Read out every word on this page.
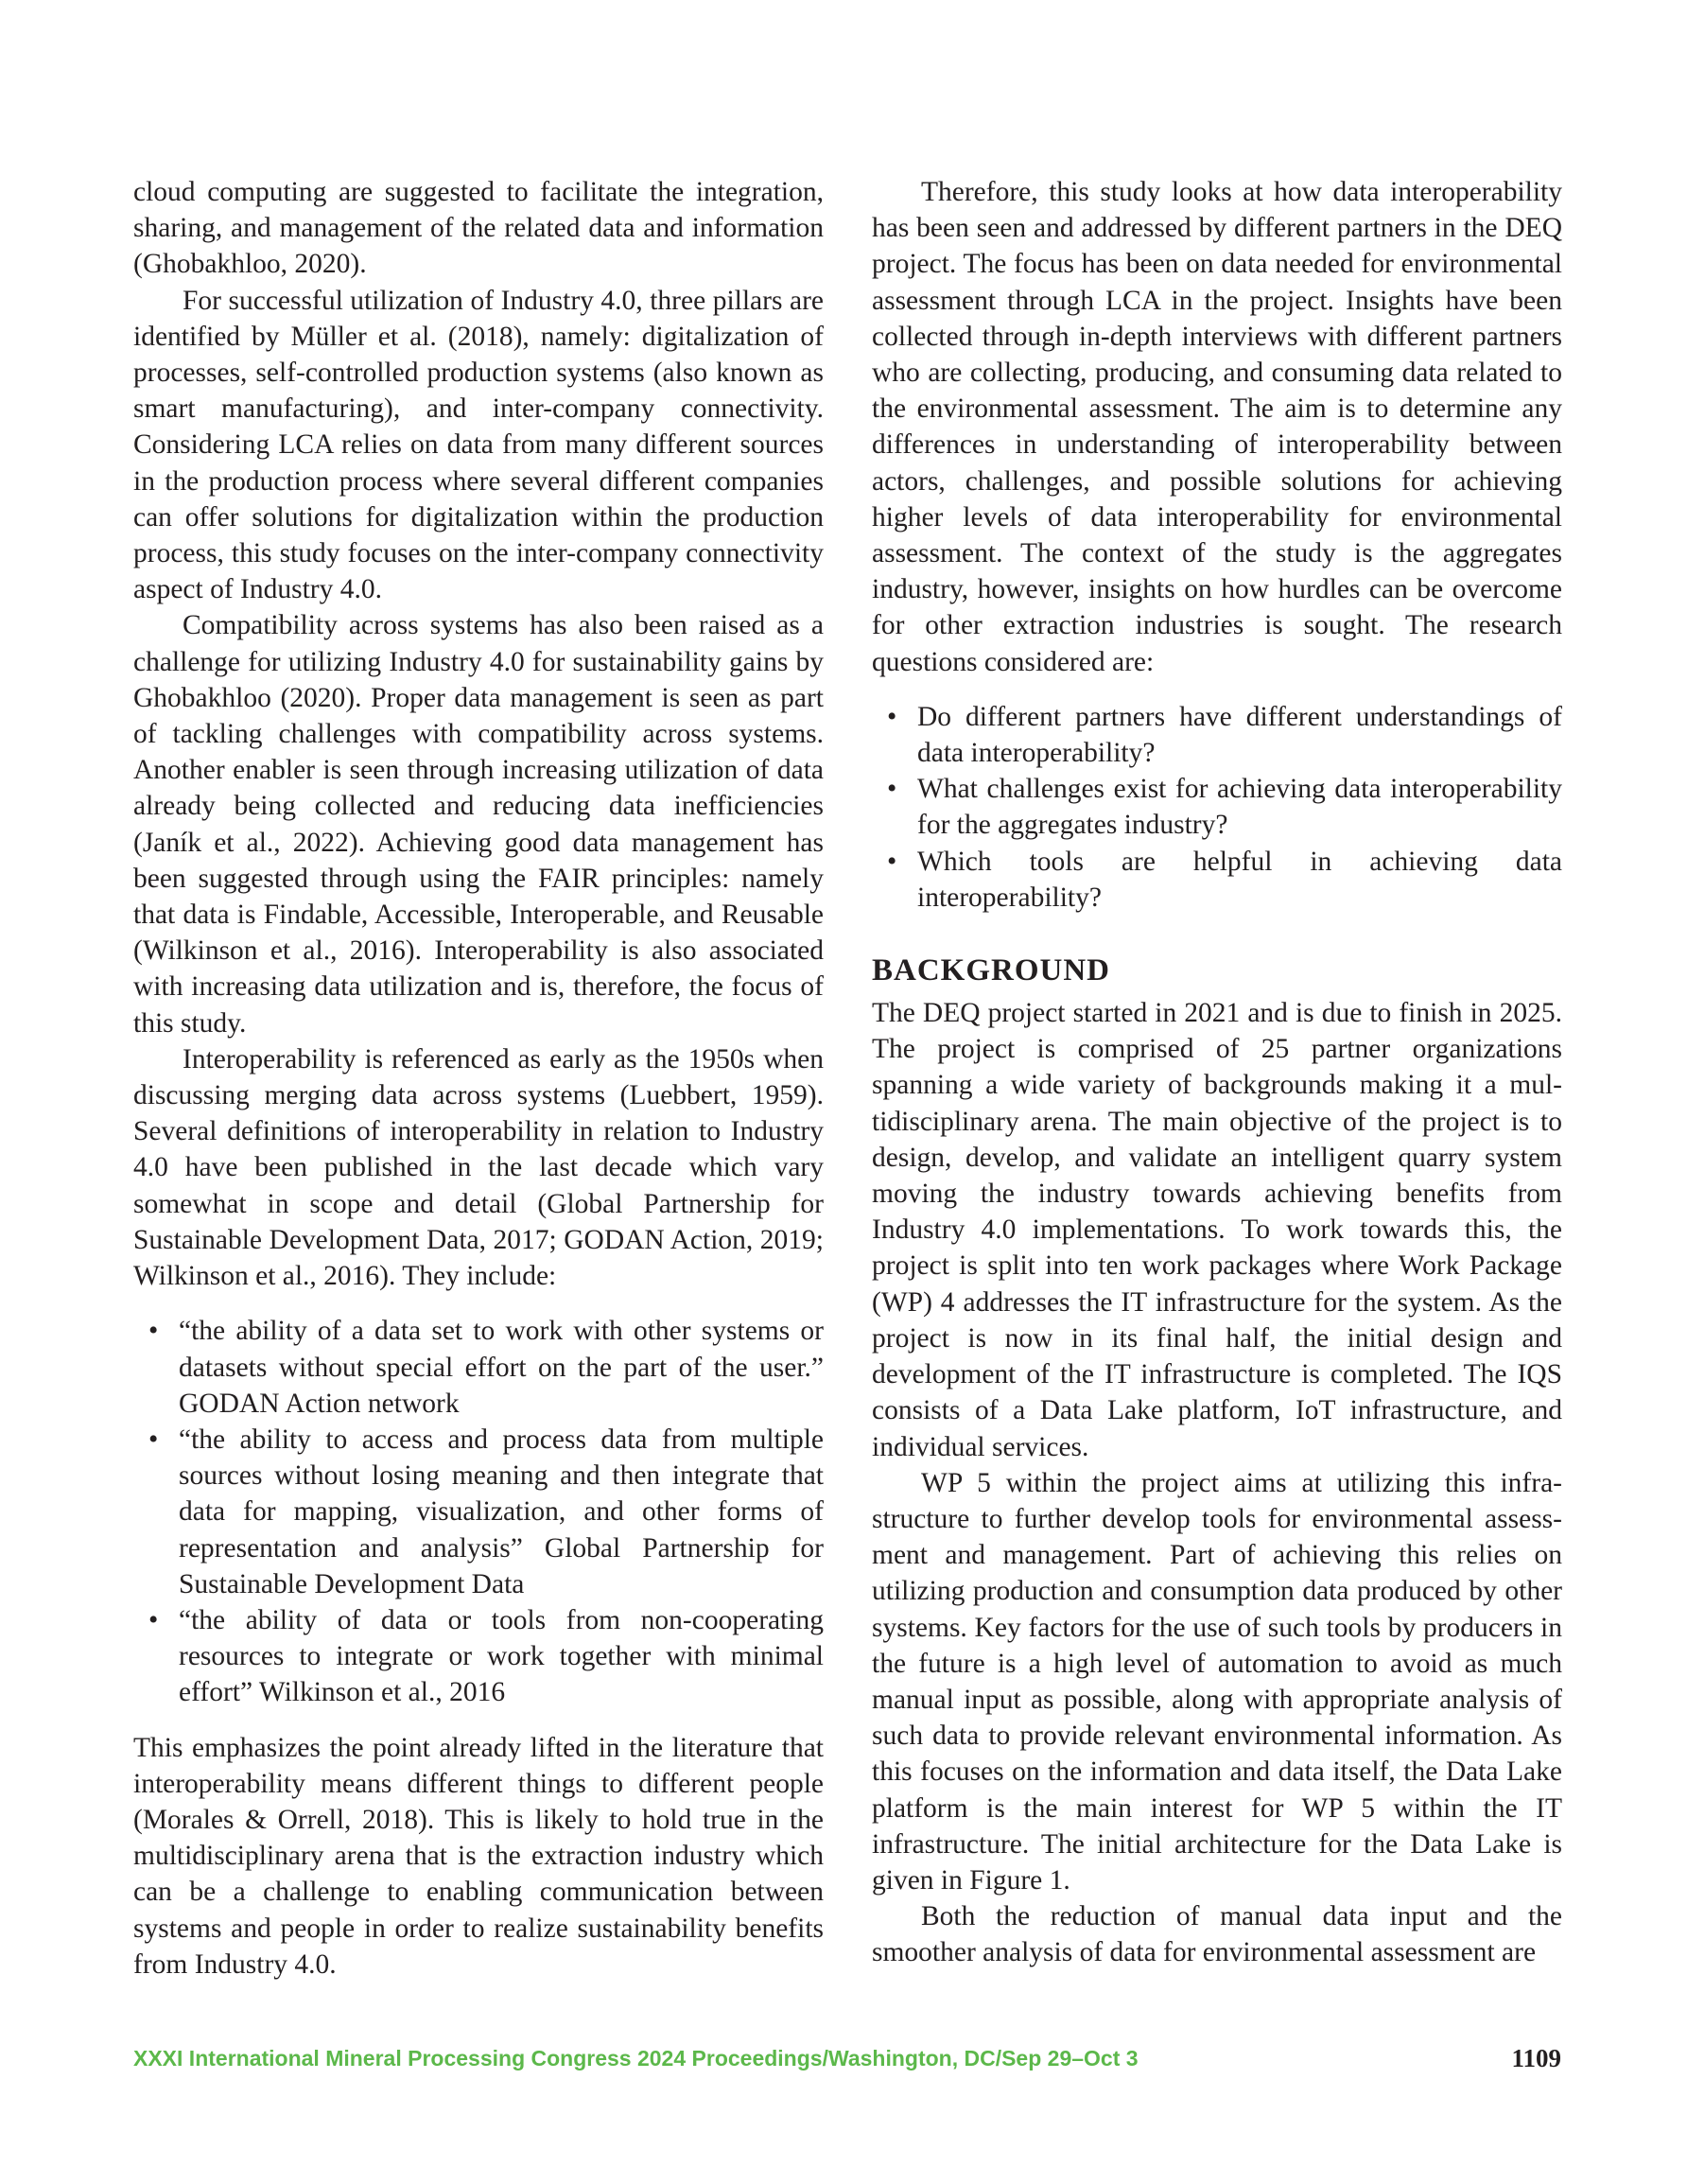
cloud computing are suggested to facilitate the integration, sharing, and management of the related data and information (Ghobakhloo, 2020).

For successful utilization of Industry 4.0, three pillars are identified by Müller et al. (2018), namely: digitalization of processes, self-controlled production systems (also known as smart manufacturing), and inter-company connectivity. Considering LCA relies on data from many different sources in the production process where several different companies can offer solutions for digitalization within the production process, this study focuses on the inter-company connectivity aspect of Industry 4.0.

Compatibility across systems has also been raised as a challenge for utilizing Industry 4.0 for sustainability gains by Ghobakhloo (2020). Proper data management is seen as part of tackling challenges with compatibility across systems. Another enabler is seen through increasing utilization of data already being collected and reducing data inefficiencies (Janík et al., 2022). Achieving good data management has been suggested through using the FAIR principles: namely that data is Findable, Accessible, Interoperable, and Reusable (Wilkinson et al., 2016). Interoperability is also associated with increasing data utilization and is, therefore, the focus of this study.

Interoperability is referenced as early as the 1950s when discussing merging data across systems (Luebbert, 1959). Several definitions of interoperability in relation to Industry 4.0 have been published in the last decade which vary somewhat in scope and detail (Global Partnership for Sustainable Development Data, 2017; GODAN Action, 2019; Wilkinson et al., 2016). They include:

• “the ability of a data set to work with other systems or datasets without special effort on the part of the user.” GODAN Action network
• “the ability to access and process data from multiple sources without losing meaning and then integrate that data for mapping, visualization, and other forms of representation and analysis” Global Partnership for Sustainable Development Data
• “the ability of data or tools from non-cooperating resources to integrate or work together with minimal effort” Wilkinson et al., 2016

This emphasizes the point already lifted in the literature that interoperability means different things to different people (Morales & Orrell, 2018). This is likely to hold true in the multidisciplinary arena that is the extraction industry which can be a challenge to enabling communication between systems and people in order to realize sustainability benefits from Industry 4.0.

Therefore, this study looks at how data interoperability has been seen and addressed by different partners in the DEQ project. The focus has been on data needed for environmental assessment through LCA in the project. Insights have been collected through in-depth interviews with different partners who are collecting, producing, and consuming data related to the environmental assessment. The aim is to determine any differences in understanding of interoperability between actors, challenges, and possible solutions for achieving higher levels of data interoperability for environmental assessment. The context of the study is the aggregates industry, however, insights on how hurdles can be overcome for other extraction industries is sought. The research questions considered are:

• Do different partners have different understandings of data interoperability?
• What challenges exist for achieving data interoperability for the aggregates industry?
• Which tools are helpful in achieving data interoperability?
BACKGROUND

The DEQ project started in 2021 and is due to finish in 2025. The project is comprised of 25 partner organizations spanning a wide variety of backgrounds making it a multidisciplinary arena. The main objective of the project is to design, develop, and validate an intelligent quarry system moving the industry towards achieving benefits from Industry 4.0 implementations. To work towards this, the project is split into ten work packages where Work Package (WP) 4 addresses the IT infrastructure for the system. As the project is now in its final half, the initial design and development of the IT infrastructure is completed. The IQS consists of a Data Lake platform, IoT infrastructure, and individual services.

WP 5 within the project aims at utilizing this infrastructure to further develop tools for environmental assessment and management. Part of achieving this relies on utilizing production and consumption data produced by other systems. Key factors for the use of such tools by producers in the future is a high level of automation to avoid as much manual input as possible, along with appropriate analysis of such data to provide relevant environmental information. As this focuses on the information and data itself, the Data Lake platform is the main interest for WP 5 within the IT infrastructure. The initial architecture for the Data Lake is given in Figure 1.

Both the reduction of manual data input and the smoother analysis of data for environmental assessment are

XXXI International Mineral Processing Congress 2024 Proceedings/Washington, DC/Sep 29–Oct 3	1109
